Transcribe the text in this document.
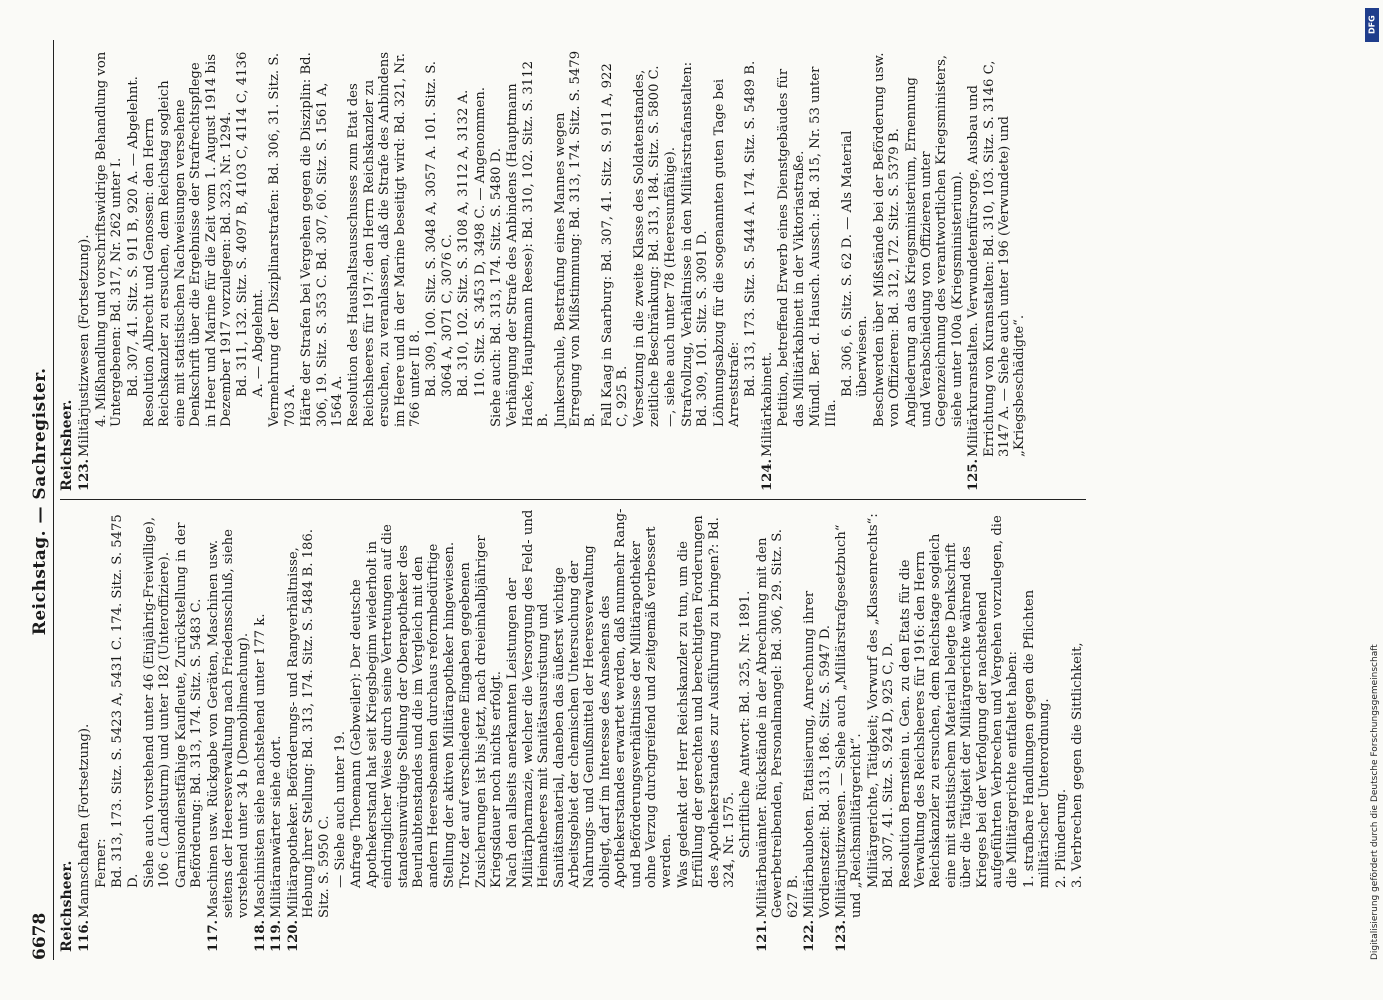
6678
Reichstag. — Sachregister.
Reichsheer. 116.
Mannschaften (Fortsetzung). Ferner: Bd. 313, 173. Sitz. S. 5423 A, 5431 C. 174. Sitz. S. 5475 D. Siehe auch vorstehend unter 46 (Einjährig-Freiwillige), 106 c (Landsturm) und unter 182 (Unteroffiziere). Garnisondienstfähige Kaufleute, Zurückstellung in der Beförderung: Bd. 313, 174. Sitz. S. 5483 C.
117.
Maschinen usw. Rückgabe von Geräten, Maschinen usw. seitens der Heeresverwaltung nach Friedensschluß, siehe vorstehend unter 34 b (Demobilmachung).
118.
Maschinisten siehe nachstehend unter 177 k.
119.
Militäranwärter siehe dort.
120.
Militärapotheker. Beförderungs- und Rangverhältnisse, Hebung ihrer Stellung: Bd. 313, 174. Sitz. S. 5484 B. 186. Sitz. S. 5950 C. — Siehe auch unter 19. Anfrage Thoemann (Gebweiler): Der deutsche Apothekerstand hat seit Kriegsbeginn wiederholt in eindringlicher Weise durch seine Vertretungen auf die standesunwürdige Stellung der Oberapotheker des Beurlaubtenstandes und die im Vergleich mit den andern Heeresbeamten durchaus reformbedürftige Stellung der aktiven Militärapotheker hingewiesen. Trotz der auf verschiedene Eingaben gegebenen Zusicherungen ist bis jetzt, nach dreieinhalbjähriger Kriegsdauer noch nichts erfolgt. Nach den allseits anerkannten Leistungen der Militärpharmazie, welcher die Versorgung des Feld- und Heimatheeres mit Sanitätsausrüstung und Sanitätsmaterial, daneben das äußerst wichtige Arbeitsgebiet der chemischen Untersuchung der Nahrungs- und Genußmittel der Heeresverwaltung obliegt, darf im Interesse des Ansehens des Apothekerstandes erwartet werden, daß nunmehr Rang- und Beförderungsverhältnisse der Militärapotheker ohne Verzug durchgreifend und zeitgemäß verbessert werden. Was gedenkt der Herr Reichskanzler zu tun, um die Erfüllung der gerechten und berechtigten Forderungen des Apothekerstandes zur Ausführung zu bringen?: Bd. 324, Nr. 1575. Schriftliche Antwort: Bd. 325, Nr. 1891.
121.
Militärbauämter. Rückstände in der Abrechnung mit den Gewerbetreibenden, Personalmangel: Bd. 306, 29. Sitz. S. 627 B.
122.
Militärbauboten. Etatisierung, Anrechnung ihrer Vordienstzeit: Bd. 313, 186. Sitz. S. 5947 D.
123.
Militärjustizwesen. — Siehe auch „Militärstrafgesetzbuch“ und „Reichsmilitärgericht“. Militärgerichte, Tätigkeit; Vorwurf des „Klassenrechts“: Bd. 307, 41. Sitz. S. 924 D, 925 C, D. Resolution Bernstein u. Gen. zu den Etats für die Verwaltung des Reichsheeres für 1916: den Herrn Reichskanzler zu ersuchen, dem Reichstage sogleich eine mit statistischem Material belegte Denkschrift über die Tätigkeit der Militärgerichte während des Krieges bei der Verfolgung der nachstehend aufgeführten Verbrechen und Vergehen vorzulegen, die die Militärgerichte entfaltet haben: 1. strafbare Handlungen gegen die Pflichten militärischer Unterordnung. 2. Plünderung. 3. Verbrechen gegen die Sittlichkeit,
Reichsheer. 123.
Militärjustizwesen (Fortsetzung). 4. Mißhandlung und vorschriftswidrige Behandlung von Untergebenen: Bd. 317, Nr. 262 unter I. Bd. 307, 41. Sitz. S. 911 B, 920 A. — Abgelehnt. Resolution Albrecht und Genossen: den Herrn Reichskanzler zu ersuchen, dem Reichstag sogleich eine mit statistischen Nachweisungen versehene Denkschrift über die Ergebnisse der Strafrechtspflege in Heer und Marine für die Zeit vom 1. August 1914 bis Dezember 1917 vorzulegen: Bd. 323, Nr. 1294. Bd. 311, 132. Sitz. S. 4097 B, 4103 C, 4114 C, 4136 A. — Abgelehnt. Vermehrung der Disziplinarstrafen: Bd. 306, 31. Sitz. S. 703 A. Härte der Strafen bei Vergehen gegen die Disziplin: Bd. 306, 19. Sitz. S. 353 C. Bd. 307, 60. Sitz. S. 1561 A, 1564 A. Resolution des Haushaltsausschusses zum Etat des Reichsheeres für 1917: den Herrn Reichskanzler zu ersuchen, zu veranlassen, daß die Strafe des Anbindens im Heere und in der Marine beseitigt wird: Bd. 321, Nr. 766 unter II 8. Bd. 309, 100. Sitz. S. 3048 A, 3057 A. 101. Sitz. S. 3064 A, 3071 C, 3076 C. Bd. 310, 102. Sitz. S. 3108 A, 3112 A, 3132 A. 110. Sitz. S. 3453 D, 3498 C. — Angenommen. Siehe auch: Bd. 313, 174. Sitz. S. 5480 D. Verhängung der Strafe des Anbindens (Hauptmann Hacke, Hauptmann Reese): Bd. 310, 102. Sitz. S. 3112 B. Junkerschule, Bestrafung eines Mannes wegen Erregung von Mißstimmung: Bd. 313, 174. Sitz. S. 5479 B. Fall Kaag in Saarburg: Bd. 307, 41. Sitz. S. 911 A, 922 C, 925 B. Versetzung in die zweite Klasse des Soldatenstandes, zeitliche Beschränkung: Bd. 313, 184. Sitz. S. 5800 C. —, siehe auch unter 78 (Heeresunfähige). Strafvollzug, Verhältnisse in den Militärstrafanstalten: Bd. 309, 101. Sitz. S. 3091 D. Löhnungsabzug für die sogenannten guten Tage bei Arreststrafe: Bd. 313, 173. Sitz. S. 5444 A. 174. Sitz. S. 5489 B.
124.
Militärkabinett. Petition, betreffend Erwerb eines Dienstgebäudes für das Militärkabinett in der Viktoriastraße. Mündl. Ber. d. Hausch. Aussch.: Bd. 315, Nr. 53 unter IIIa.
Bd. 306, 6. Sitz. S. 62 D. — Als Material überwiesen. Beschwerden über Mißstände bei der Beförderung usw. von Offizieren: Bd. 312, 172. Sitz. S. 5379 B. Angliederung an das Kriegsministerium, Ernennung und Verabschiedung von Offizieren unter Gegenzeichnung des verantwortlichen Kriegsministers, siehe unter 100a (Kriegsministerium).
125.
Militärkuranstalten. Verwundetenfürsorge, Ausbau und Errichtung von Kuranstalten: Bd. 310, 103. Sitz. S. 3146 C, 3147 A. — Siehe auch unter 196 (Verwundete) und „Kriegsbeschädigte“.
DFG
Digitalisierung gefördert durch die Deutsche Forschungsgemeinschaft
